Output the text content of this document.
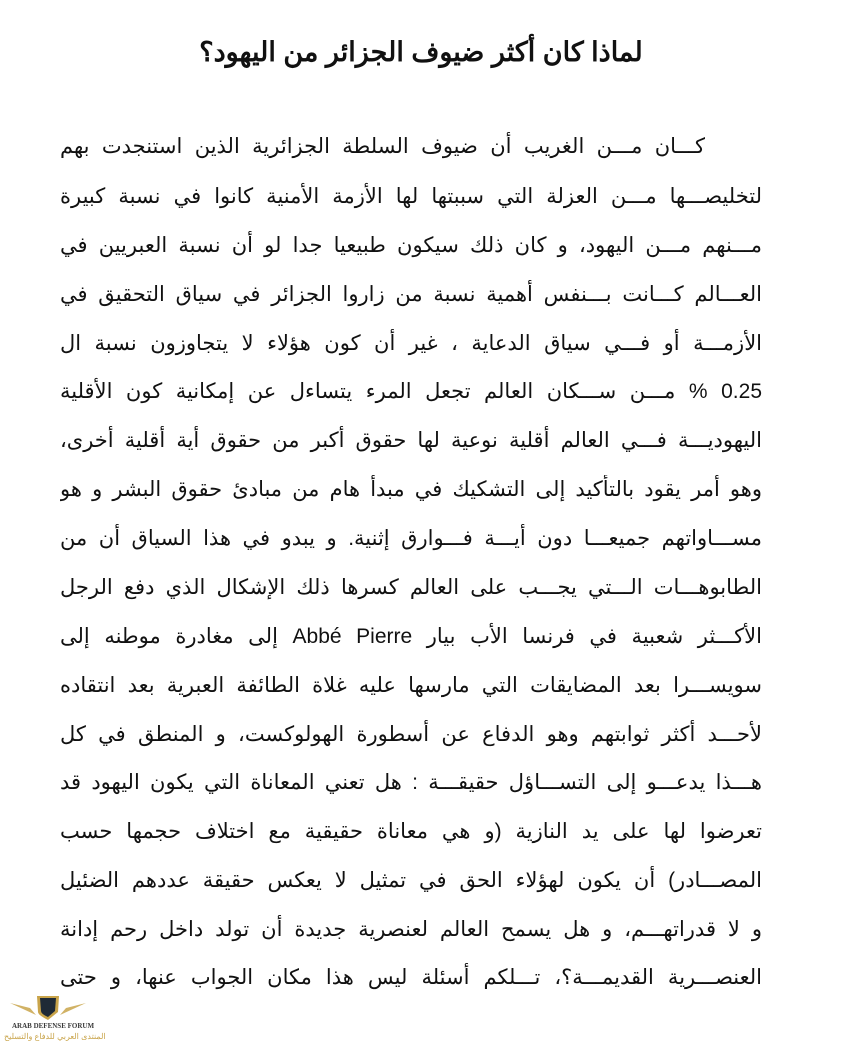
لماذا كان أكثر ضيوف الجزائر من اليهود؟
كـــان مـــن الغريب أن ضيوف السلطة الجزائرية الذين استنجدت بهم
لتخليصـــها مـــن العزلة التي سببتها لها الأزمة الأمنية كانوا في نسبة كبيرة
مـــنهم مـــن اليهود، و كان ذلك سيكون طبيعيا جدا لو أن نسبة العبريين في
العـــالم كـــانت بـــنفس أهمية نسبة من زاروا الجزائر في سياق التحقيق في
الأزمـــة أو فـــي سياق الدعاية ، غير أن كون هؤلاء لا يتجاوزون نسبة ال
0.25 % مـــن ســـكان العالم تجعل المرء يتساءل عن إمكانية كون الأقلية
اليهوديـــة فـــي العالم أقلية نوعية لها حقوق أكبر من حقوق أية أقلية أخرى،
وهو أمر يقود بالتأكيد إلى التشكيك في مبدأ هام من مبادئ حقوق البشر و هو
مســـاواتهم جميعـــا دون أيـــة فـــوارق إثنية. و يبدو في هذا السياق أن من
الطابوهـــات الـــتي يجـــب على العالم كسرها ذلك الإشكال الذي دفع الرجل
الأكـــثر شعبية في فرنسا الأب بيار Abbé Pierre إلى مغادرة موطنه إلى
سويســـرا بعد المضايقات التي مارسها عليه غلاة الطائفة العبرية بعد انتقاده
لأحـــد أكثر ثوابتهم وهو الدفاع عن أسطورة الهولوكست، و المنطق في كل
هـــذا يدعـــو إلى التســـاؤل حقيقـــة : هل تعني المعاناة التي يكون اليهود قد
تعرضوا لها على يد النازية (و هي معاناة حقيقية مع اختلاف حجمها حسب
المصـــادر) أن يكون لهؤلاء الحق في تمثيل لا يعكس حقيقة عددهم الضئيل
و لا قدراتهـــم، و هل يسمح العالم لعنصرية جديدة أن تولد داخل رحم إدانة
العنصـــرية القديمـــة؟، تـــلكم أسئلة ليس هذا مكان الجواب عنها، و حتى
ARAB DEFENSE FORUM
المنتدى العربي للدفاع والتسليح
